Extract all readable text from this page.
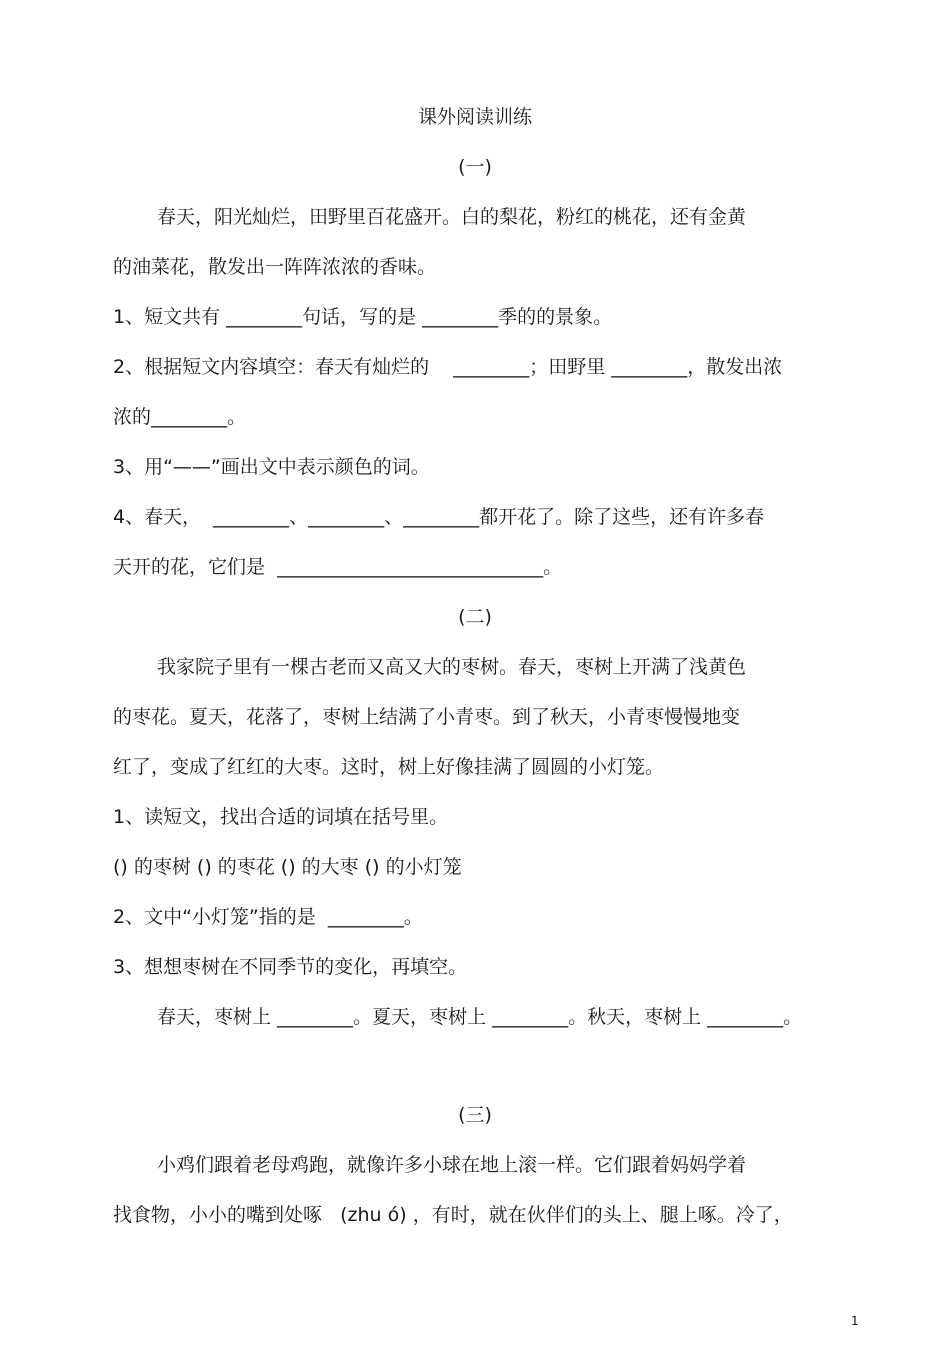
课外阅读训练
(一)
春天，阳光灿烂，田野里百花盛开。白的梨花，粉红的桃花，还有金黄
的油菜花，散发出一阵阵浓浓的香味。
1、短文共有 ________句话，写的是 ________季的的景象。
2、根据短文内容填空：春天有灿烂的    ________；田野里 ________，散发出浓
浓的________。
3、用“——”画出文中表示颜色的词。
4、春天，  ________、________、________都开花了。除了这些，还有许多春
天开的花，它们是  ____________________________。
(二)
我家院子里有一棵古老而又高又大的枣树。春天，枣树上开满了浅黄色
的枣花。夏天，花落了，枣树上结满了小青枣。到了秋天，小青枣慢慢地变
红了，变成了红红的大枣。这时，树上好像挂满了圆圆的小灯笼。
1、读短文，找出合适的词填在括号里。
() 的枣树 () 的枣花 () 的大枣 () 的小灯笼
2、文中“小灯笼”指的是  ________。
3、想想枣树在不同季节的变化，再填空。
春天，枣树上 ________。夏天，枣树上 ________。秋天，枣树上 ________。
(三)
小鸡们跟着老母鸡跑，就像许多小球在地上滚一样。它们跟着妈妈学着
找食物，小小的嘴到处啄   (zhu ó) ，有时，就在伙伴们的头上、腿上啄。冷了，
1
